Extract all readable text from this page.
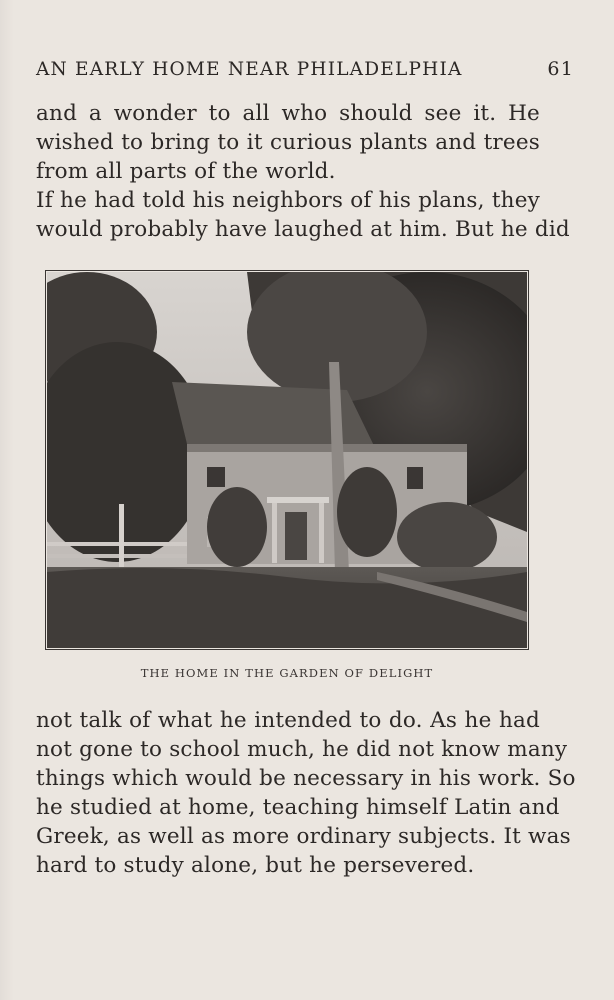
AN EARLY HOME NEAR PHILADELPHIA	61

and a wonder to all who should see it. He
wished to bring to it curious plants and trees
from all parts of the world.

If he had told his neighbors of his plans, they
would probably have laughed at him. But he did

THE HOME IN THE GARDEN OF DELIGHT

not talk of what he intended to do. As he had
not gone to school much, he did not know many
things which would be necessary in his work. So
he studied at home, teaching himself Latin and
Greek, as well as more ordinary subjects. It was
hard to study alone, but he persevered.
